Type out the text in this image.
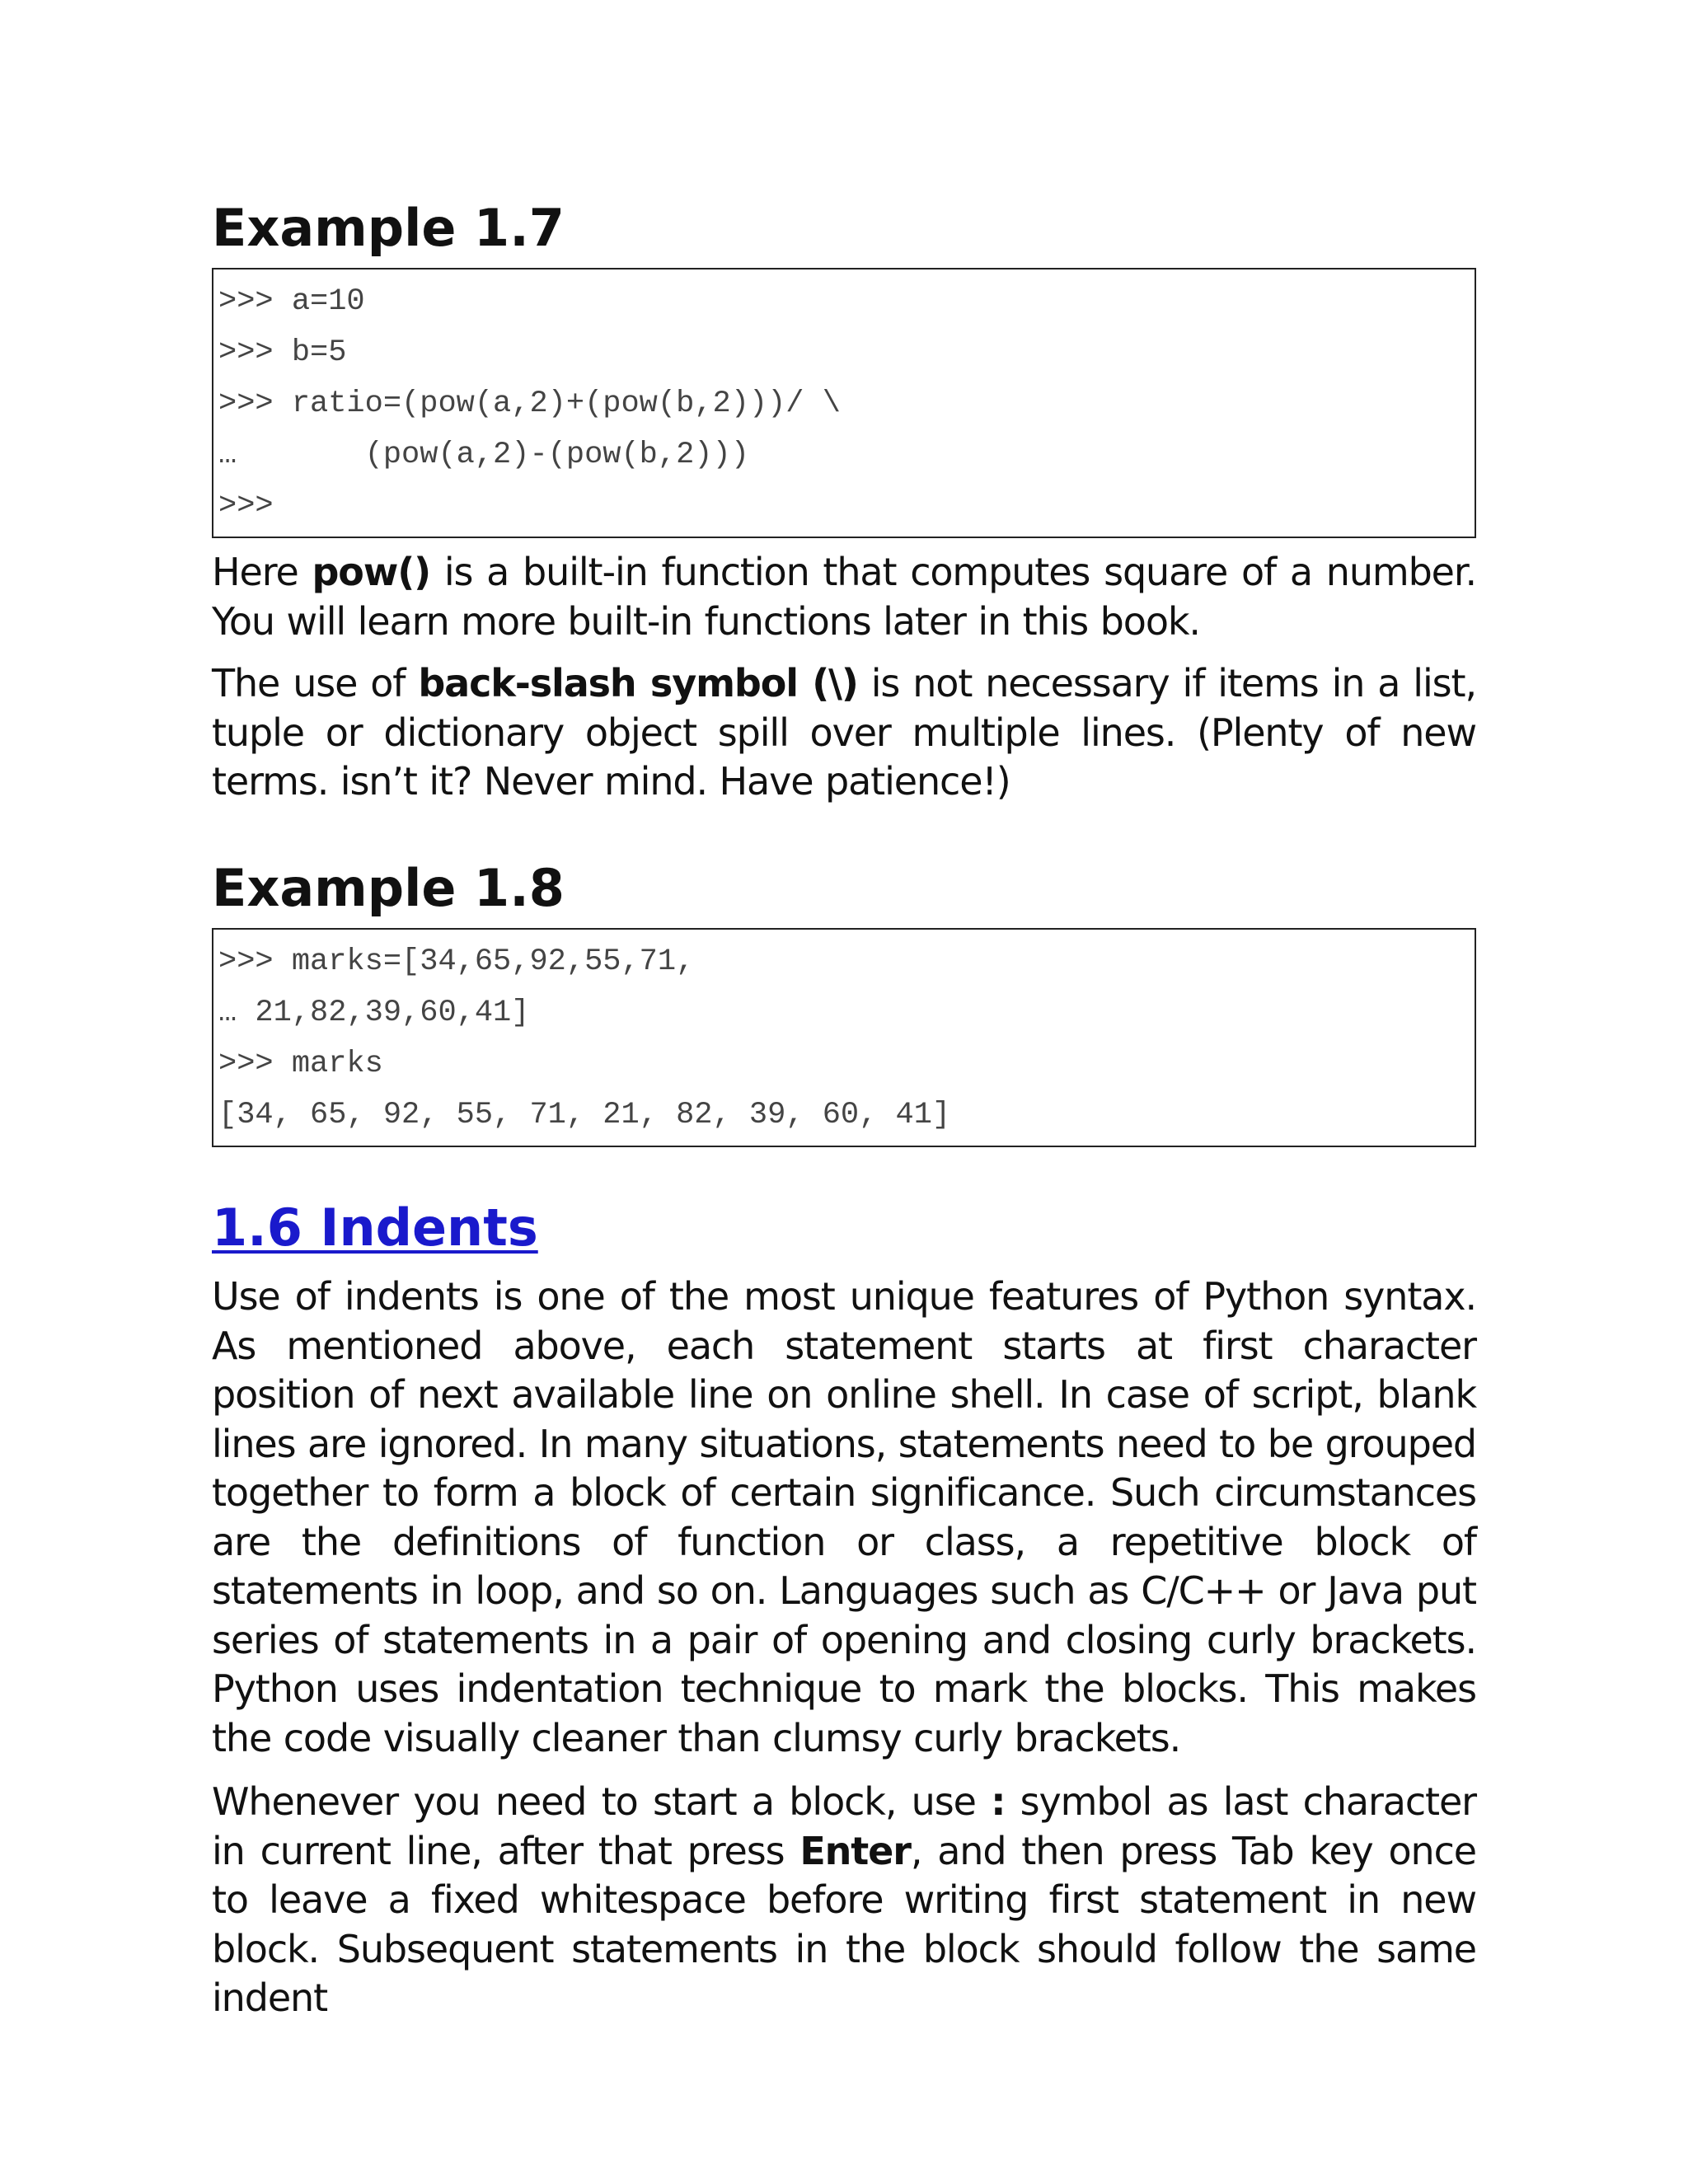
Example 1.7
>>> a=10
>>> b=5
>>> ratio=(pow(a,2)+(pow(b,2)))/ \
…       (pow(a,2)-(pow(b,2)))
>>>

Here pow() is a built-in function that computes square of a number. You will learn more built-in functions later in this book.

The use of back-slash symbol (\) is not necessary if items in a list, tuple or dictionary object spill over multiple lines. (Plenty of new terms. isn’t it? Never mind. Have patience!)

Example 1.8
>>> marks=[34,65,92,55,71,
… 21,82,39,60,41]
>>> marks
[34, 65, 92, 55, 71, 21, 82, 39, 60, 41]
1.6 Indents

Use of indents is one of the most unique features of Python syntax. As mentioned above, each statement starts at first character position of next available line on online shell. In case of script, blank lines are ignored. In many situations, statements need to be grouped together to form a block of certain significance. Such circumstances are the definitions of function or class, a repetitive block of statements in loop, and so on. Languages such as C/C++ or Java put series of statements in a pair of opening and closing curly brackets. Python uses indentation technique to mark the blocks. This makes the code visually cleaner than clumsy curly brackets.

Whenever you need to start a block, use : symbol as last character in current line, after that press Enter, and then press Tab key once to leave a fixed whitespace before writing first statement in new block. Subsequent statements in the block should follow the same indent
